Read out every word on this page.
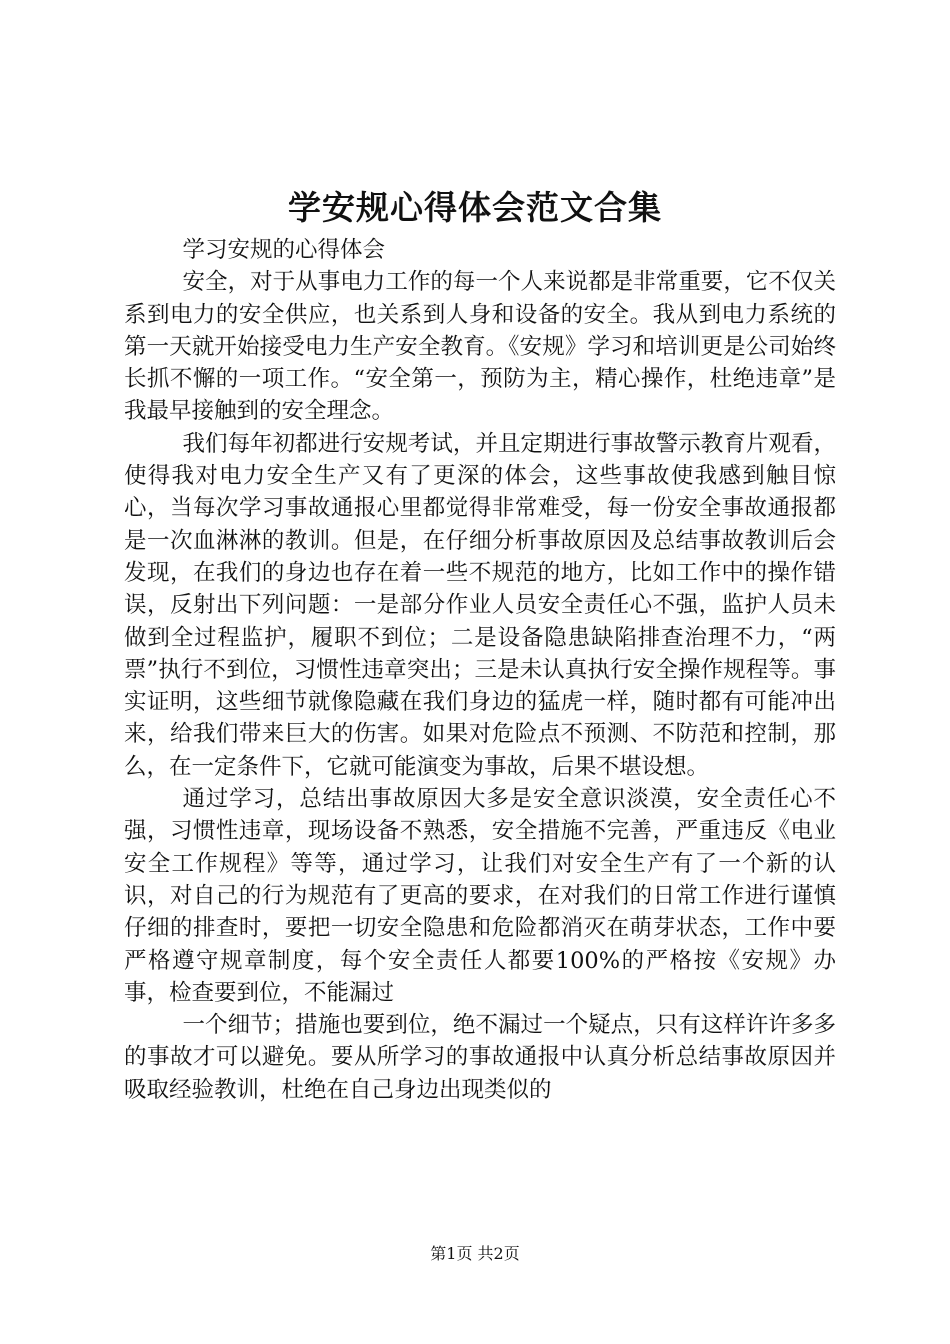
学安规心得体会范文合集

学习安规的心得体会

安全，对于从事电力工作的每一个人来说都是非常重要，它不仅关系到电力的安全供应，也关系到人身和设备的安全。我从到电力系统的第一天就开始接受电力生产安全教育。《安规》学习和培训更是公司始终长抓不懈的一项工作。“安全第一，预防为主，精心操作，杜绝违章”是我最早接触到的安全理念。

我们每年初都进行安规考试，并且定期进行事故警示教育片观看，使得我对电力安全生产又有了更深的体会，这些事故使我感到触目惊心，当每次学习事故通报心里都觉得非常难受，每一份安全事故通报都是一次血淋淋的教训。但是，在仔细分析事故原因及总结事故教训后会发现，在我们的身边也存在着一些不规范的地方，比如工作中的操作错误，反射出下列问题：一是部分作业人员安全责任心不强，监护人员未做到全过程监护，履职不到位；二是设备隐患缺陷排查治理不力，“两票”执行不到位，习惯性违章突出；三是未认真执行安全操作规程等。事实证明，这些细节就像隐藏在我们身边的猛虎一样，随时都有可能冲出来，给我们带来巨大的伤害。如果对危险点不预测、不防范和控制，那么，在一定条件下，它就可能演变为事故，后果不堪设想。

通过学习，总结出事故原因大多是安全意识淡漠，安全责任心不强，习惯性违章，现场设备不熟悉，安全措施不完善，严重违反《电业安全工作规程》等等，通过学习，让我们对安全生产有了一个新的认识，对自己的行为规范有了更高的要求，在对我们的日常工作进行谨慎仔细的排查时，要把一切安全隐患和危险都消灭在萌芽状态，工作中要严格遵守规章制度，每个安全责任人都要100%的严格按《安规》办事，检查要到位，不能漏过

一个细节；措施也要到位，绝不漏过一个疑点，只有这样许许多多的事故才可以避免。要从所学习的事故通报中认真分析总结事故原因并吸取经验教训，杜绝在自己身边出现类似的

第1页 共2页
